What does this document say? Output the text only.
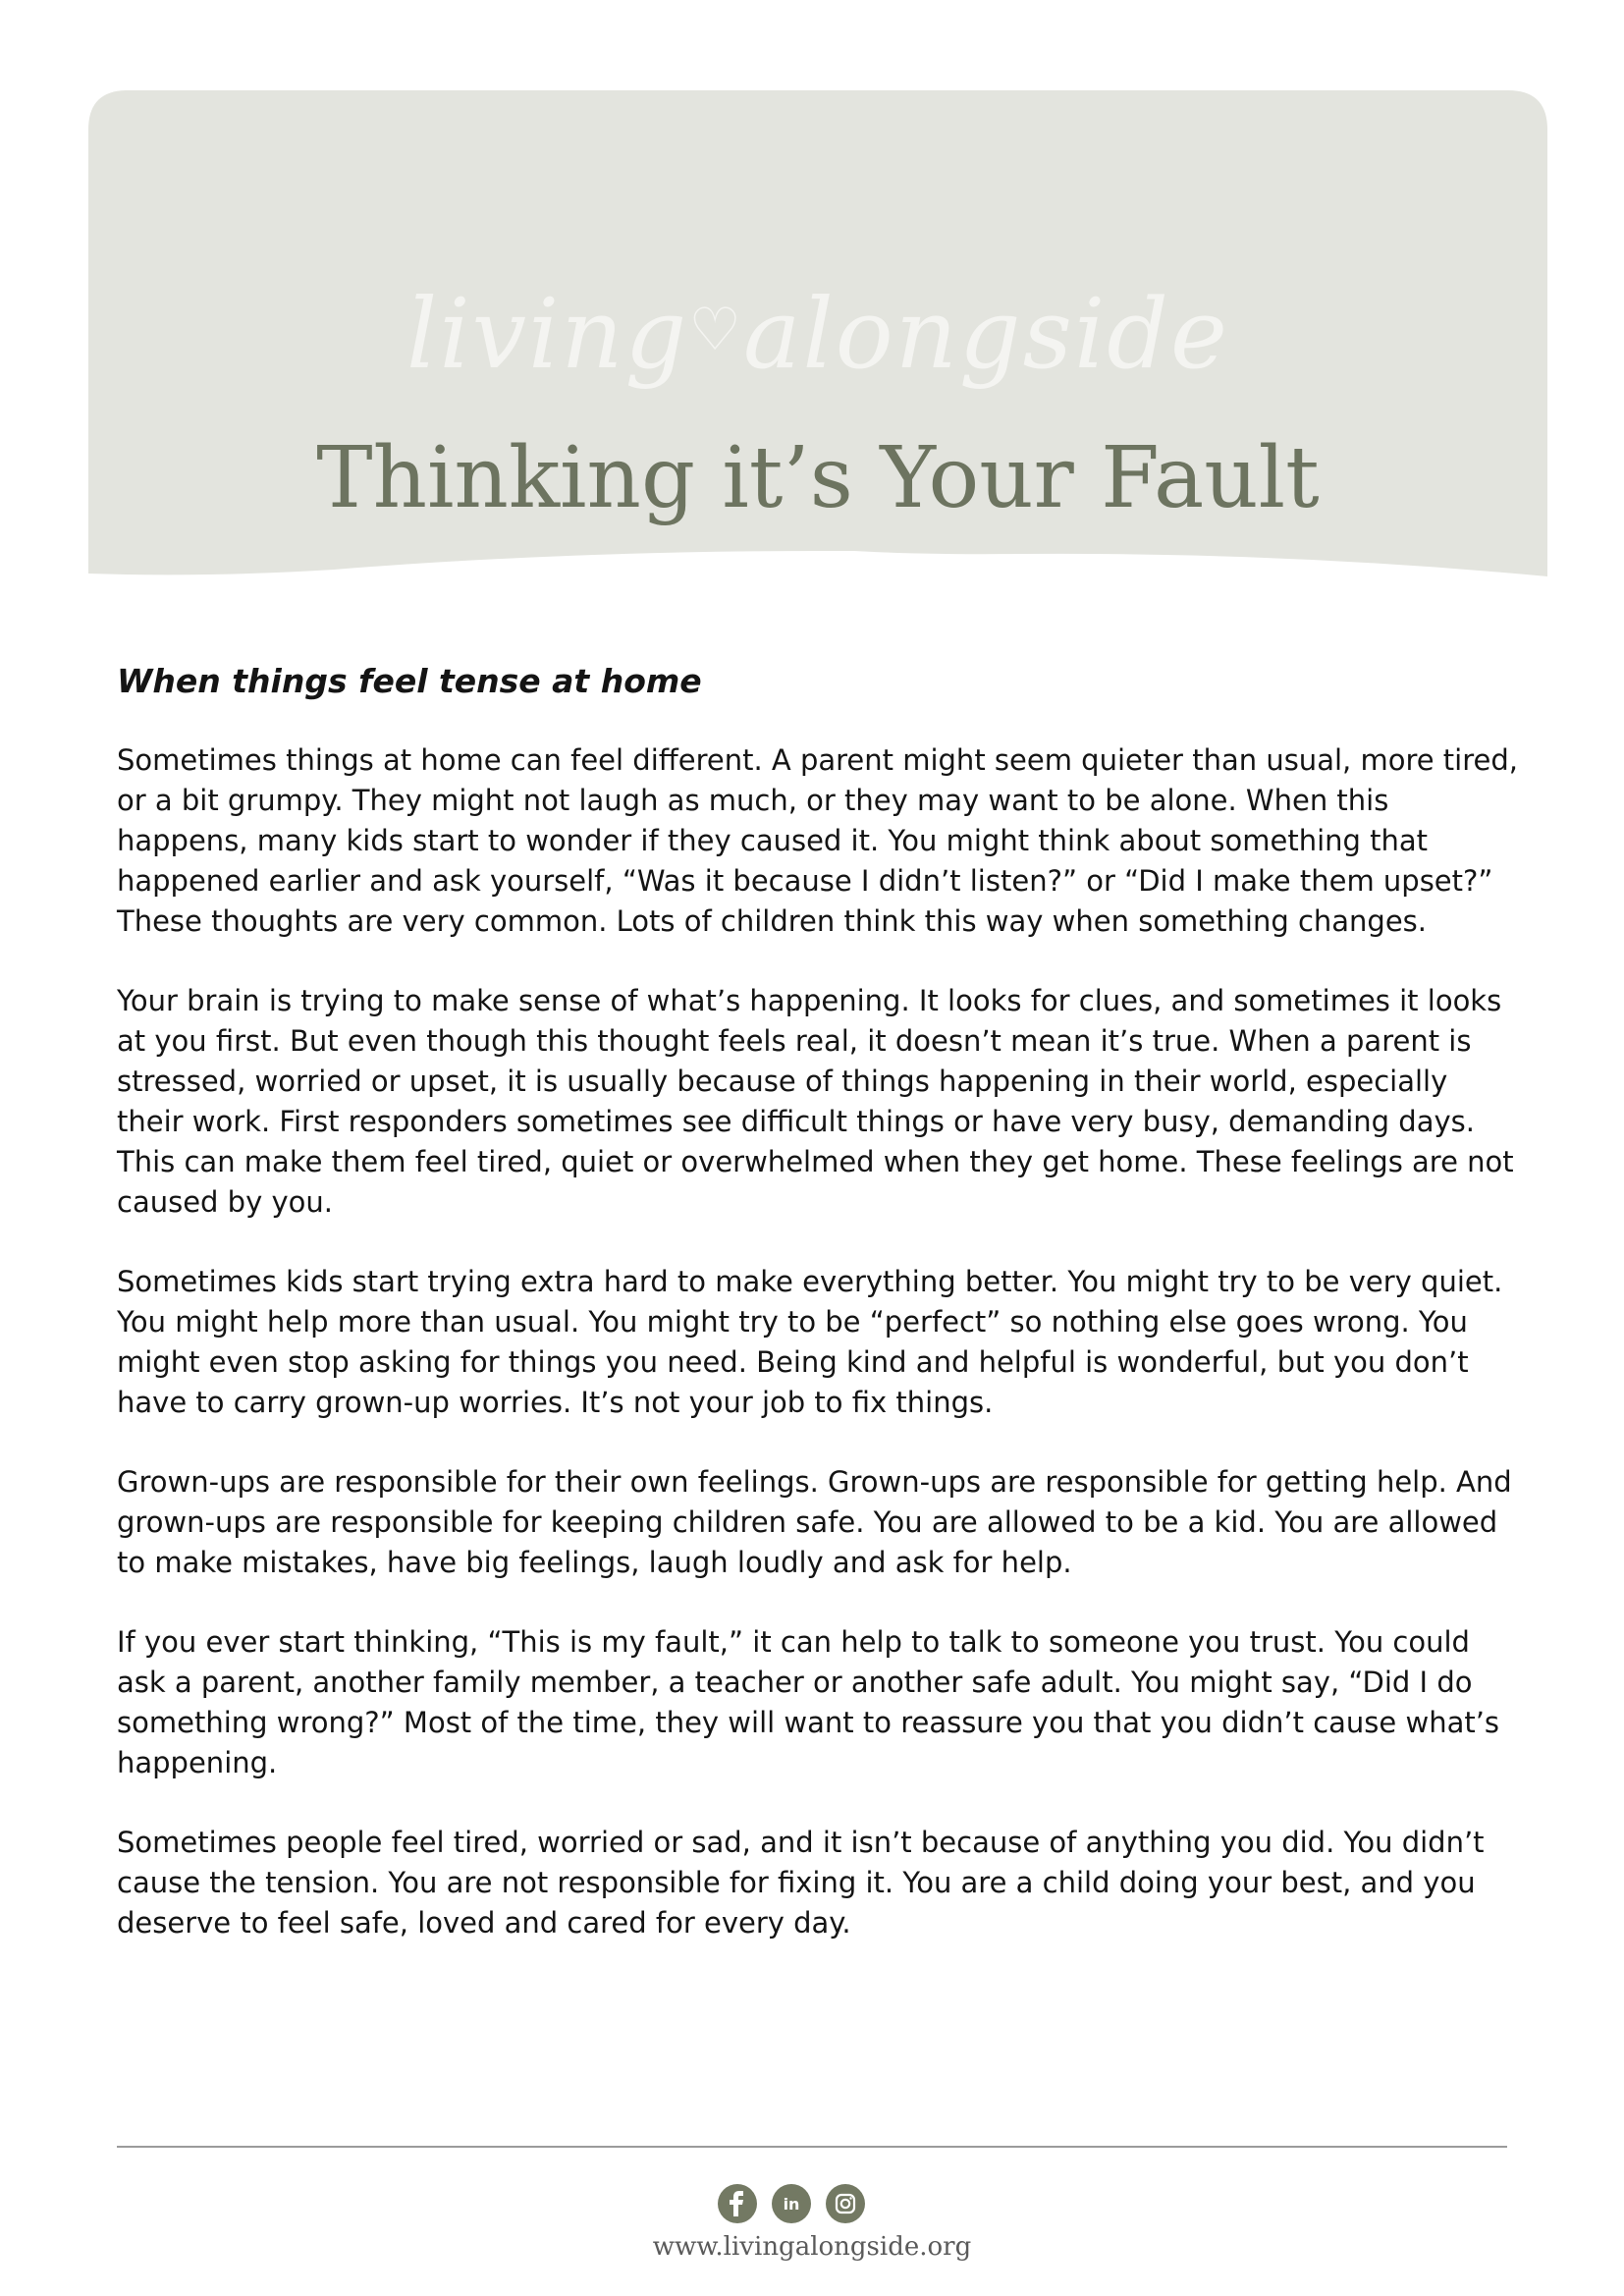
living♡alongside
Thinking it’s Your Fault
When things feel tense at home

Sometimes things at home can feel different. A parent might seem quieter than usual, more tired, or a bit grumpy. They might not laugh as much, or they may want to be alone. When this happens, many kids start to wonder if they caused it. You might think about something that happened earlier and ask yourself, “Was it because I didn’t listen?” or “Did I make them upset?” These thoughts are very common. Lots of children think this way when something changes.

Your brain is trying to make sense of what’s happening. It looks for clues, and sometimes it looks at you first. But even though this thought feels real, it doesn’t mean it’s true. When a parent is stressed, worried or upset, it is usually because of things happening in their world, especially their work. First responders sometimes see difficult things or have very busy, demanding days. This can make them feel tired, quiet or overwhelmed when they get home. These feelings are not caused by you.

Sometimes kids start trying extra hard to make everything better. You might try to be very quiet. You might help more than usual. You might try to be “perfect” so nothing else goes wrong. You might even stop asking for things you need. Being kind and helpful is wonderful, but you don’t have to carry grown-up worries. It’s not your job to fix things.

Grown-ups are responsible for their own feelings. Grown-ups are responsible for getting help. And grown-ups are responsible for keeping children safe. You are allowed to be a kid. You are allowed to make mistakes, have big feelings, laugh loudly and ask for help.

If you ever start thinking, “This is my fault,” it can help to talk to someone you trust. You could ask a parent, another family member, a teacher or another safe adult. You might say, “Did I do something wrong?” Most of the time, they will want to reassure you that you didn’t cause what’s happening.

Sometimes people feel tired, worried or sad, and it isn’t because of anything you did. You didn’t cause the tension. You are not responsible for fixing it. You are a child doing your best, and you deserve to feel safe, loved and cared for every day.

in
www.livingalongside.org
